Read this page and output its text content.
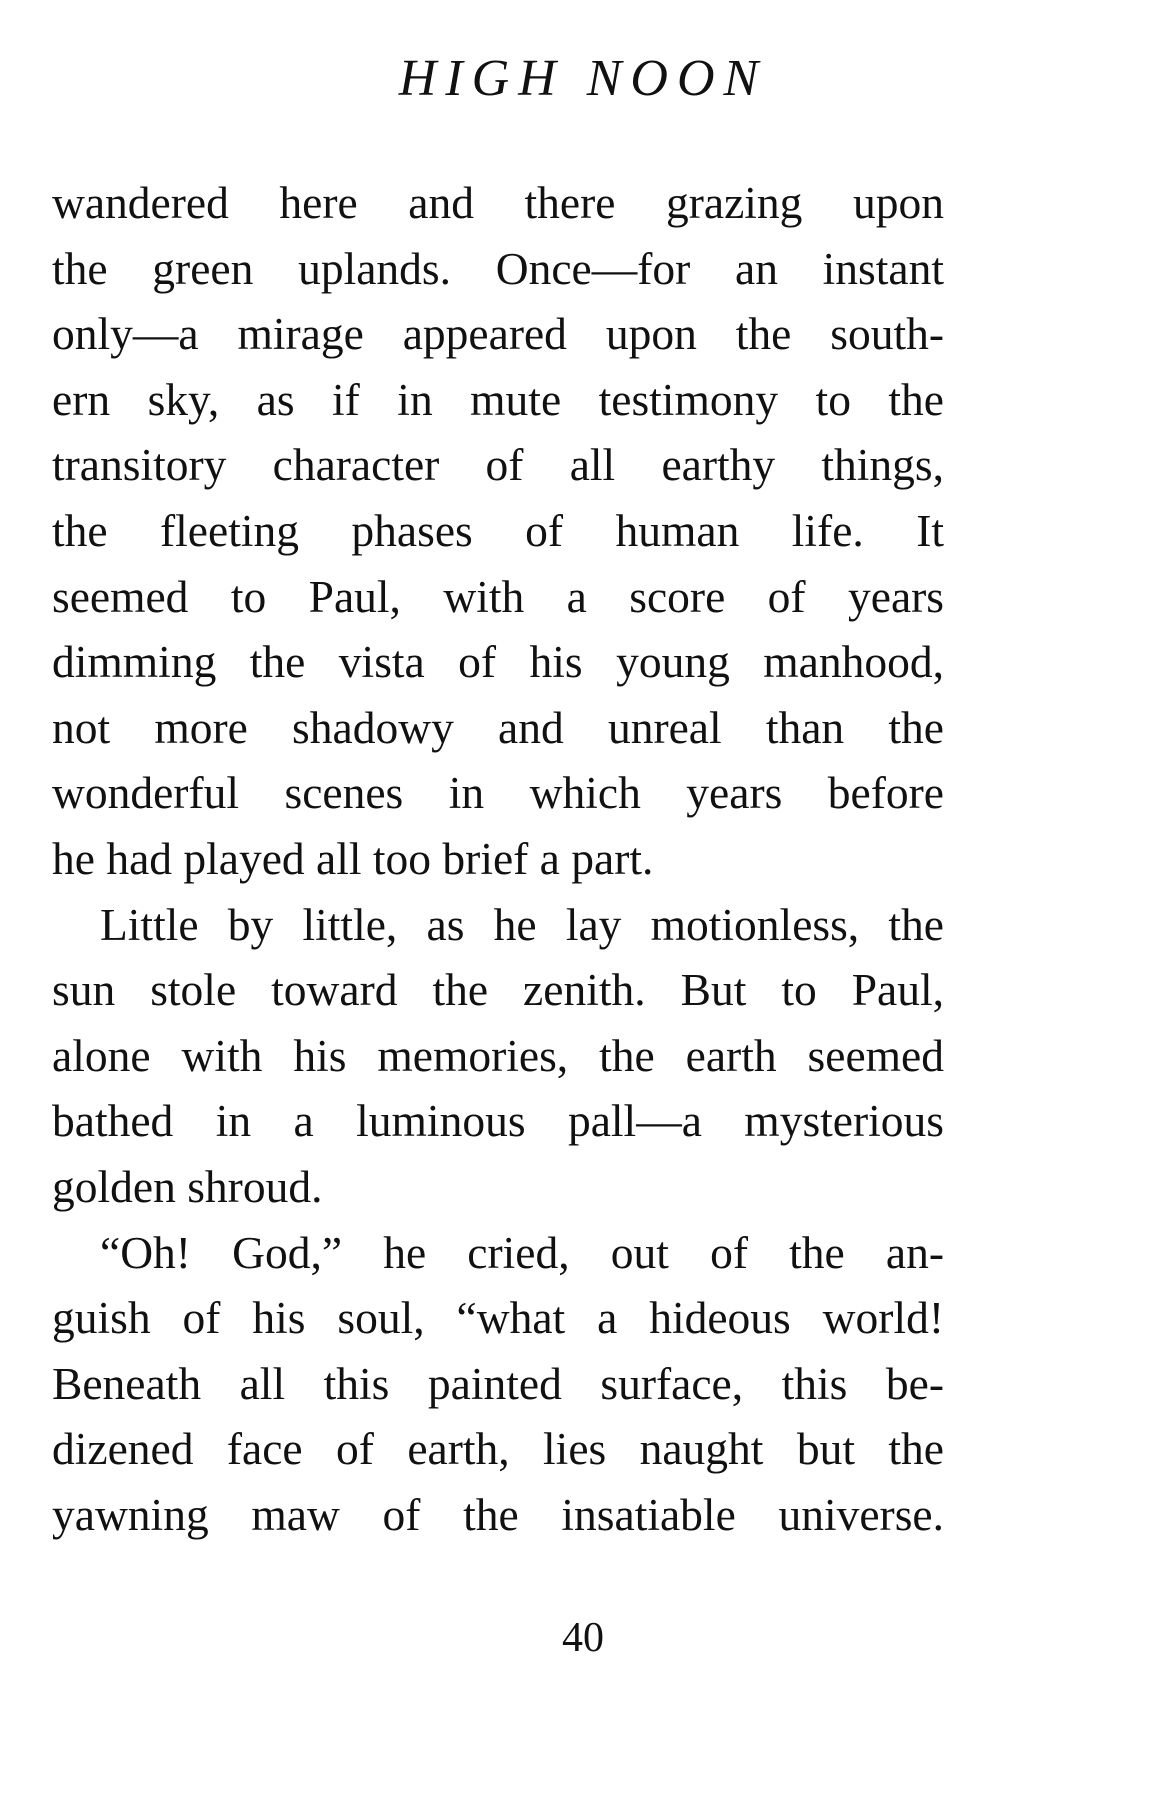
HIGH NOON
wandered here and there grazing upon
the green uplands. Once—for an instant
only—a mirage appeared upon the south-
ern sky, as if in mute testimony to the
transitory character of all earthy things,
the fleeting phases of human life. It
seemed to Paul, with a score of years
dimming the vista of his young manhood,
not more shadowy and unreal than the
wonderful scenes in which years before
he had played all too brief a part.
Little by little, as he lay motionless, the
sun stole toward the zenith. But to Paul,
alone with his memories, the earth seemed
bathed in a luminous pall—a mysterious
golden shroud.
“Oh! God,” he cried, out of the an-
guish of his soul, “what a hideous world!
Beneath all this painted surface, this be-
dizened face of earth, lies naught but the
yawning maw of the insatiable universe.
40
